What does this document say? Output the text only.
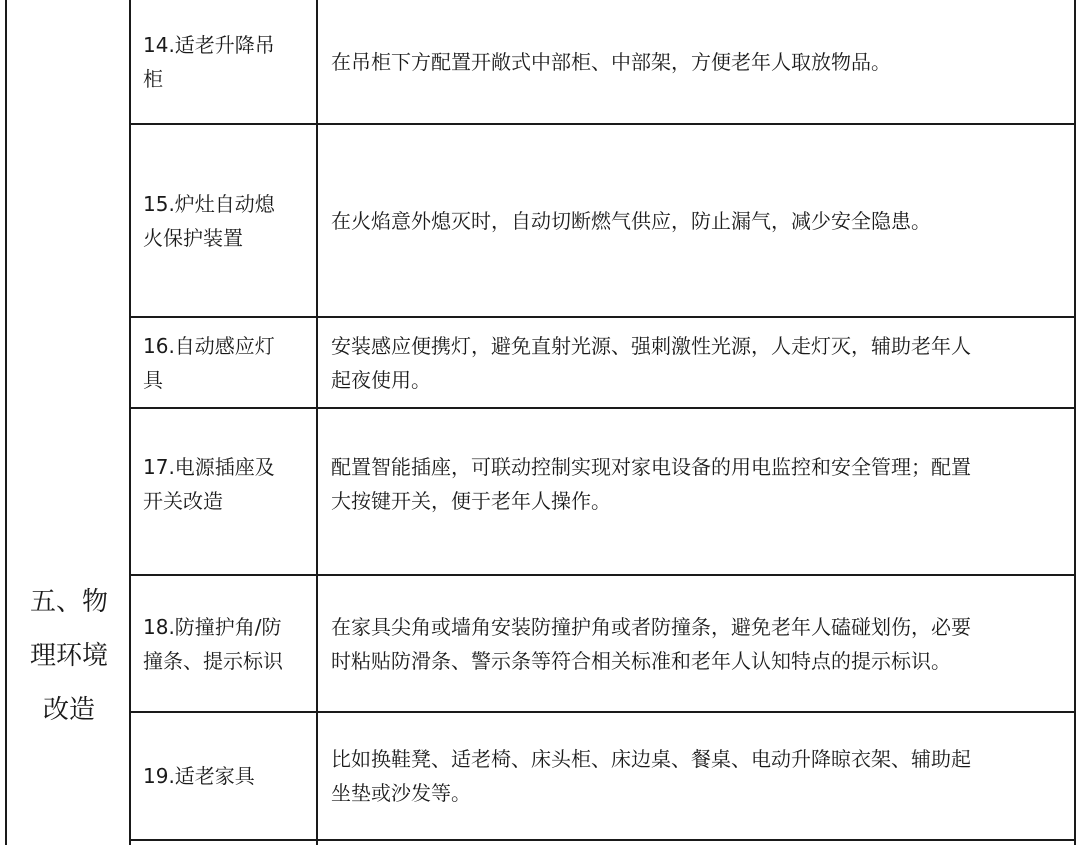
五、物
理环境
改造
14.适老升降吊
柜
在吊柜下方配置开敞式中部柜、中部架，方便老年人取放物品。
15.炉灶自动熄
火保护装置
在火焰意外熄灭时，自动切断燃气供应，防止漏气，减少安全隐患。
16.自动感应灯
具
安装感应便携灯，避免直射光源、强刺激性光源，人走灯灭，辅助老年人
起夜使用。
17.电源插座及
开关改造
配置智能插座，可联动控制实现对家电设备的用电监控和安全管理；配置
大按键开关，便于老年人操作。
18.防撞护角/防
撞条、提示标识
在家具尖角或墙角安装防撞护角或者防撞条，避免老年人磕碰划伤，必要
时粘贴防滑条、警示条等符合相关标准和老年人认知特点的提示标识。
19.适老家具
比如换鞋凳、适老椅、床头柜、床边桌、餐桌、电动升降晾衣架、辅助起
坐垫或沙发等。
